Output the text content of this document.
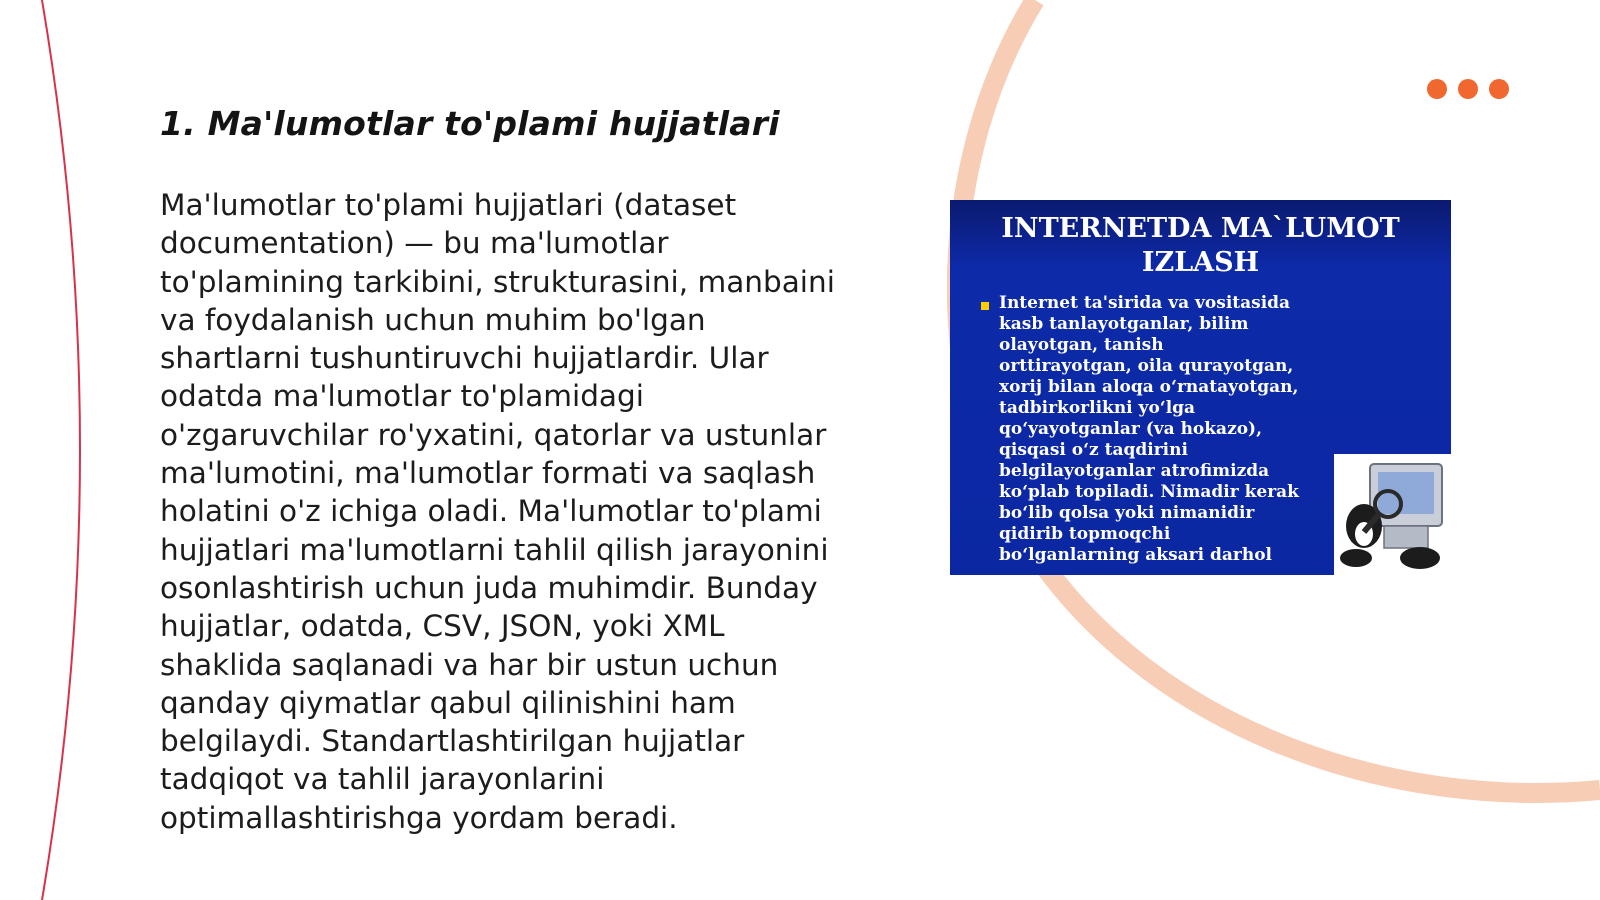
1. Ma'lumotlar to'plami hujjatlari

Ma'lumotlar to'plami hujjatlari (dataset documentation) — bu ma'lumotlar to'plamining tarkibini, strukturasini, manbaini va foydalanish uchun muhim bo'lgan shartlarni tushuntiruvchi hujjatlardir. Ular odatda ma'lumotlar to'plamidagi o'zgaruvchilar ro'yxatini, qatorlar va ustunlar ma'lumotini, ma'lumotlar formati va saqlash holatini o'z ichiga oladi. Ma'lumotlar to'plami hujjatlari ma'lumotlarni tahlil qilish jarayonini osonlashtirish uchun juda muhimdir. Bunday hujjatlar, odatda, CSV, JSON, yoki XML shaklida saqlanadi va har bir ustun uchun qanday qiymatlar qabul qilinishini ham belgilaydi. Standartlashtirilgan hujjatlar tadqiqot va tahlil jarayonlarini optimallashtirishga yordam beradi.

INTERNETDA MA`LUMOT
IZLASH
Internet ta'sirida va vositasida
kasb tanlayotganlar, bilim
olayotgan, tanish
orttirayotgan, oila qurayotgan,
xorij bilan aloqa o‘rnatayotgan,
tadbirkorlikni yo‘lga
qo‘yayotganlar (va hokazo),
qisqasi o‘z taqdirini
belgilayotganlar atrofimizda
ko‘plab topiladi. Nimadir kerak
bo‘lib qolsa yoki nimanidir
qidirib topmoqchi
bo‘lganlarning aksari darhol
